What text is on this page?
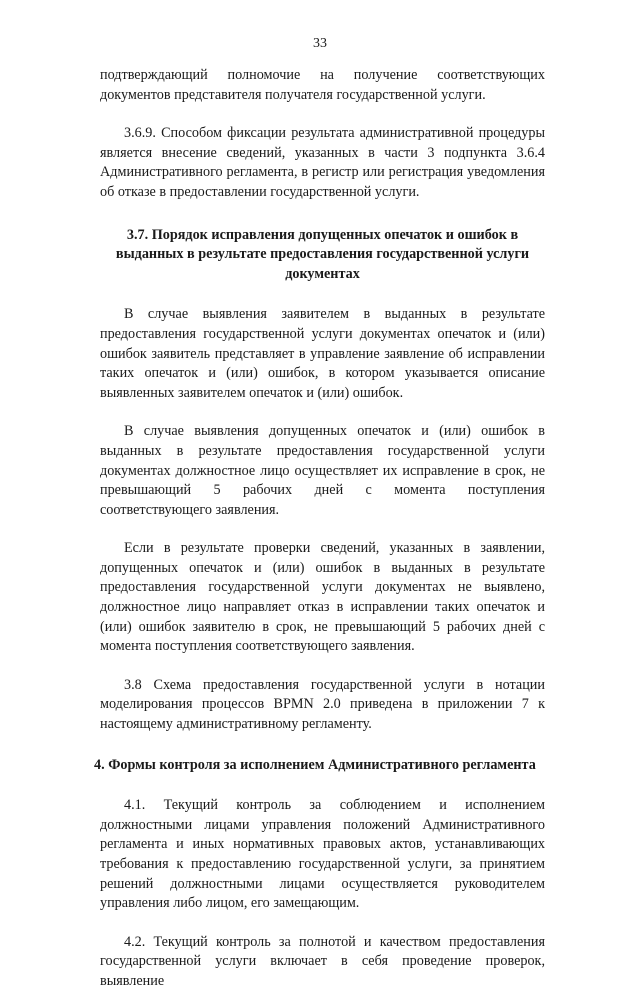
33

подтверждающий полномочие на получение соответствующих документов представителя получателя государственной услуги.

3.6.9. Способом фиксации результата административной процедуры является внесение сведений, указанных в части 3 подпункта 3.6.4 Административного регламента, в регистр или регистрация уведомления об отказе в предоставлении государственной услуги.

3.7. Порядок исправления допущенных опечаток и ошибок в выданных в результате предоставления государственной услуги документах

В случае выявления заявителем в выданных в результате предоставления государственной услуги документах опечаток и (или) ошибок заявитель представляет в управление заявление об исправлении таких опечаток и (или) ошибок, в котором указывается описание выявленных заявителем опечаток и (или) ошибок.

В случае выявления допущенных опечаток и (или) ошибок в выданных в результате предоставления государственной услуги документах должностное лицо осуществляет их исправление в срок, не превышающий 5 рабочих дней с момента поступления соответствующего заявления.

Если в результате проверки сведений, указанных в заявлении, допущенных опечаток и (или) ошибок в выданных в результате предоставления государственной услуги документах не выявлено, должностное лицо направляет отказ в исправлении таких опечаток и (или) ошибок заявителю в срок, не превышающий 5 рабочих дней с момента поступления соответствующего заявления.

3.8 Схема предоставления государственной услуги в нотации моделирования процессов BPMN 2.0 приведена в приложении 7 к настоящему административному регламенту.

4. Формы контроля за исполнением Административного регламента

4.1. Текущий контроль за соблюдением и исполнением должностными лицами управления положений Административного регламента и иных нормативных правовых актов, устанавливающих требования к предоставлению государственной услуги, за принятием решений должностными лицами осуществляется руководителем управления либо лицом, его замещающим.

4.2. Текущий контроль за полнотой и качеством предоставления государственной услуги включает в себя проведение проверок, выявление
